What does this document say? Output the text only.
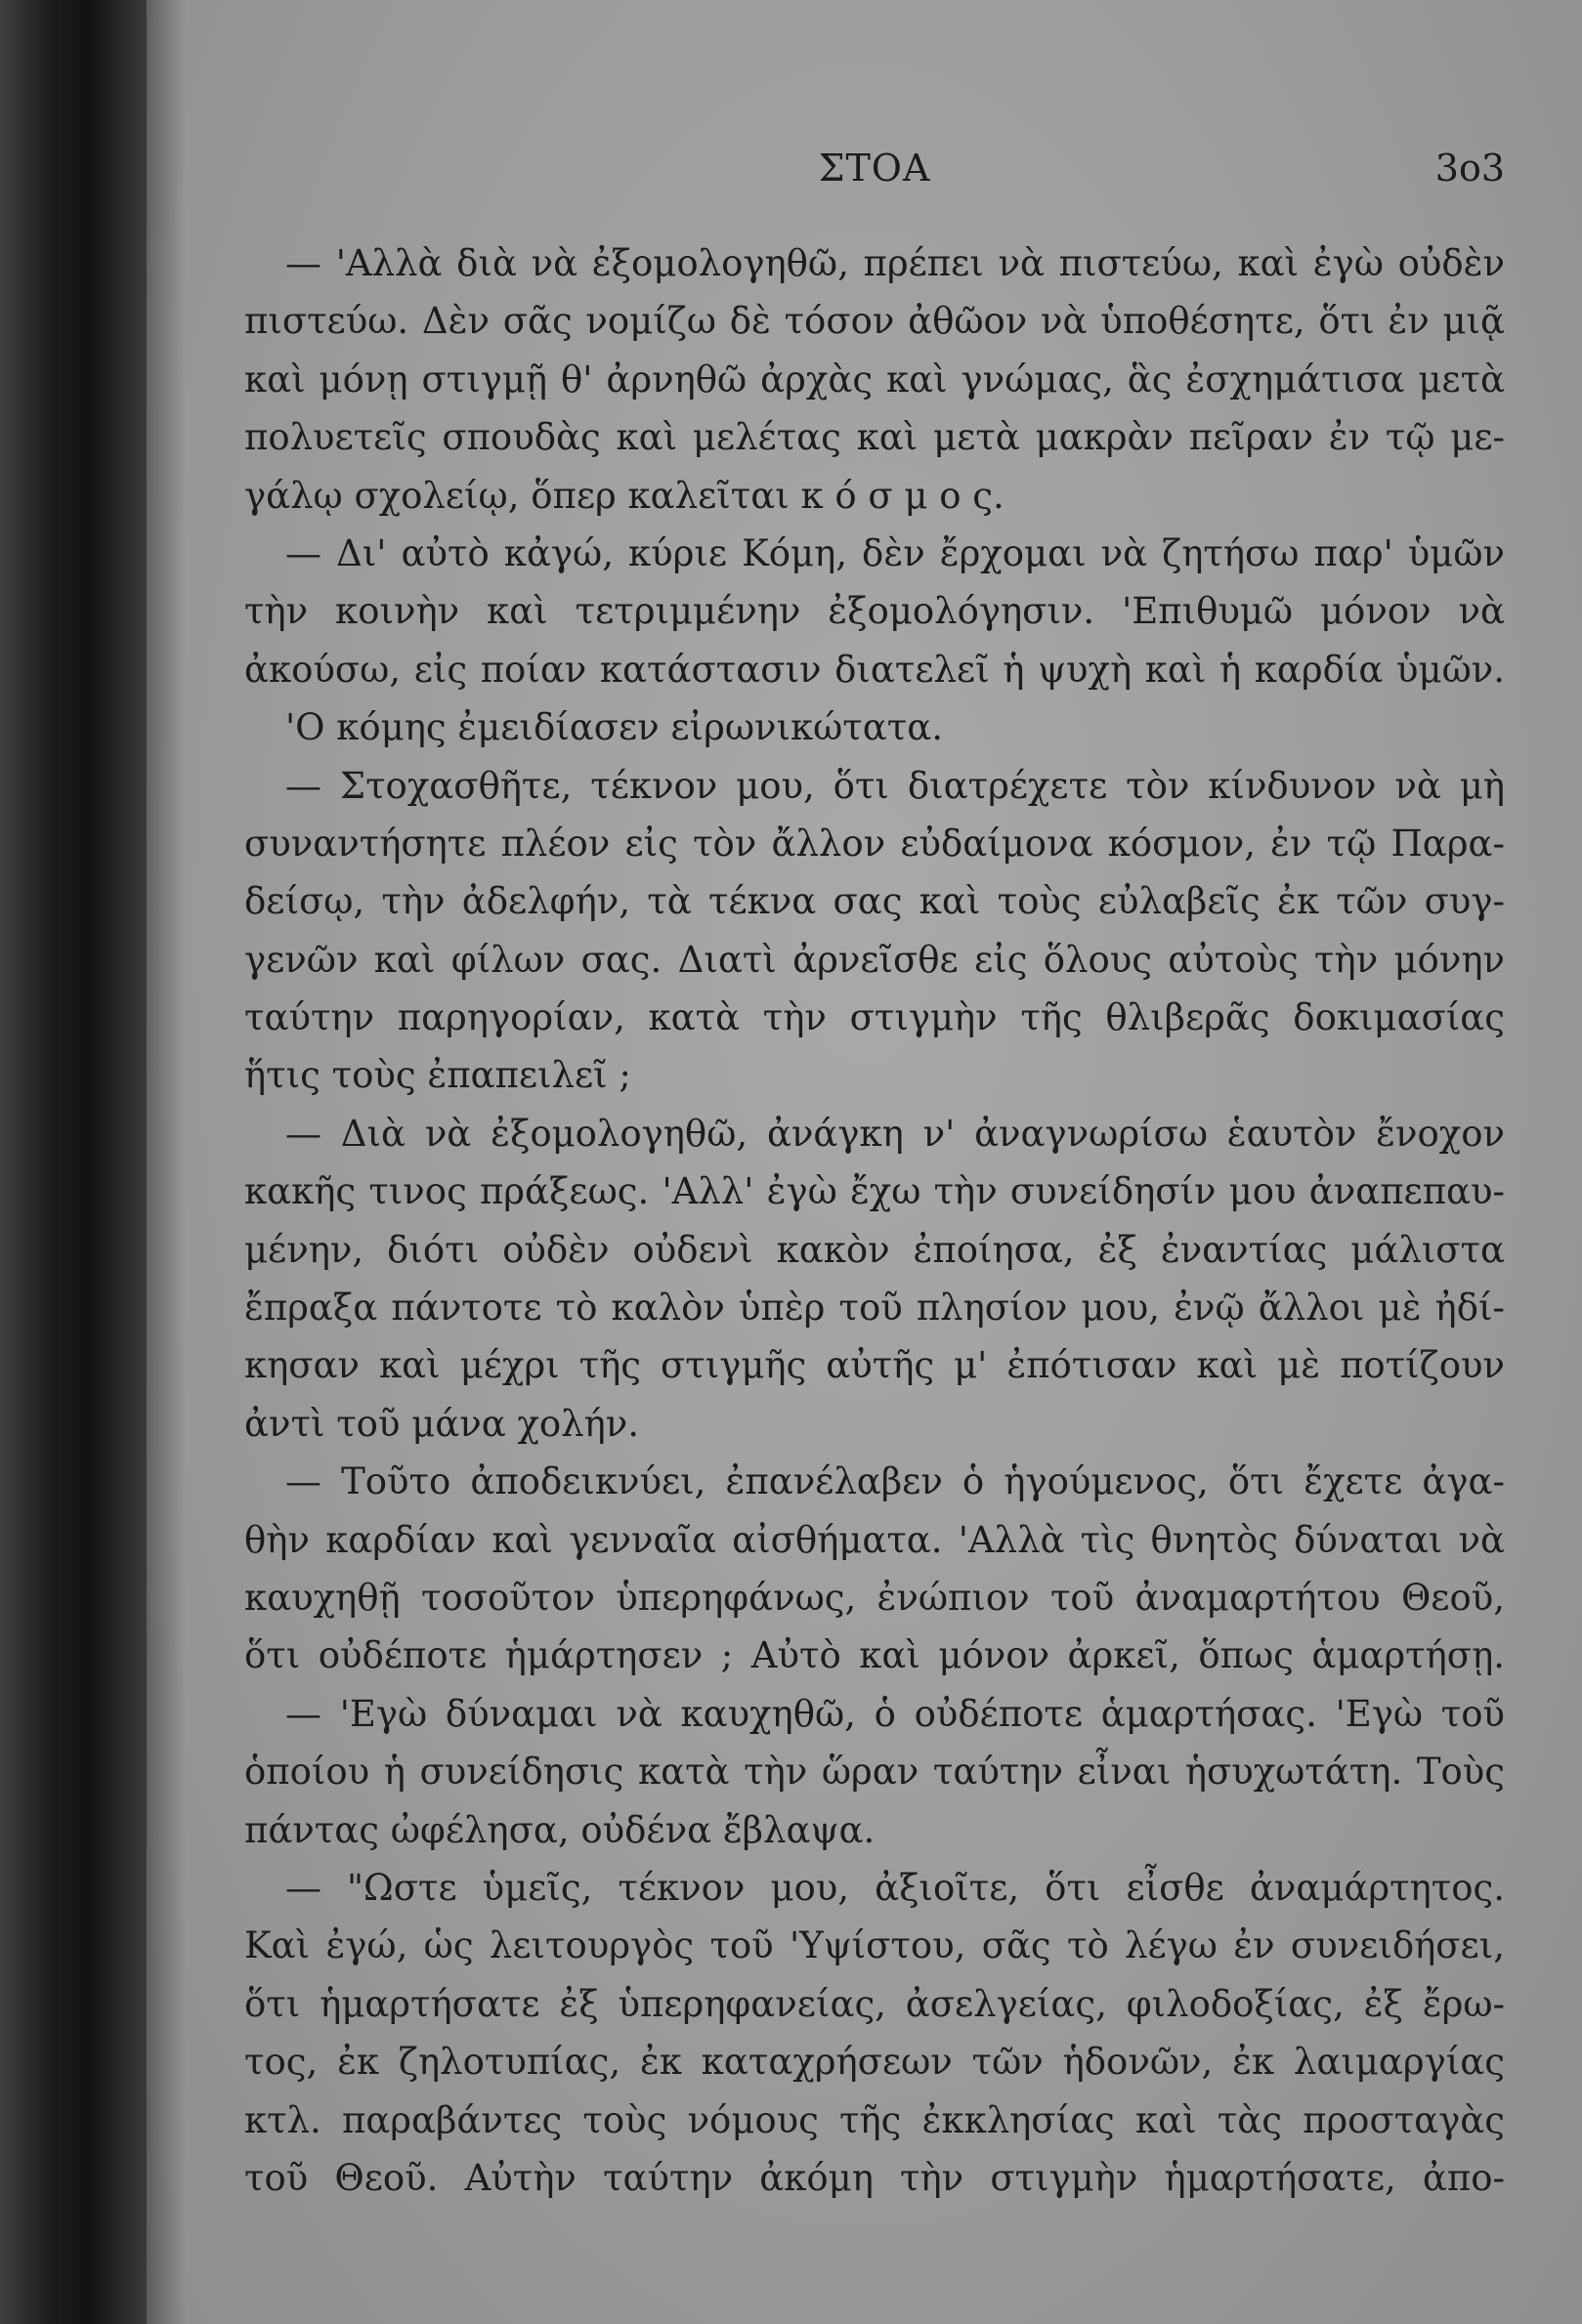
ΣΤΟΑ	3ο3
— 'Αλλὰ διὰ νὰ ἐξομολογηθῶ, πρέπει νὰ πιστεύω, καὶ ἐγὼ οὐδὲν
πιστεύω. Δὲν σᾶς νομίζω δὲ τόσον ἀθῶον νὰ ὑποθέσητε, ὅτι ἐν μιᾷ
καὶ μόνῃ στιγμῇ θ' ἀρνηθῶ ἀρχὰς καὶ γνώμας, ἃς ἐσχημάτισα μετὰ
πολυετεῖς σπουδὰς καὶ μελέτας καὶ μετὰ μακρὰν πεῖραν ἐν τῷ με-
γάλῳ σχολείῳ, ὅπερ καλεῖται κ ό σ μ ο ς.
— Δι' αὐτὸ κἀγώ, κύριε Κόμη, δὲν ἔρχομαι νὰ ζητήσω παρ' ὑμῶν
τὴν κοινὴν καὶ τετριμμένην ἐξομολόγησιν. 'Επιθυμῶ μόνον νὰ
ἀκούσω, εἰς ποίαν κατάστασιν διατελεῖ ἡ ψυχὴ καὶ ἡ καρδία ὑμῶν.
'Ο κόμης ἐμειδίασεν εἰρωνικώτατα.
— Στοχασθῆτε, τέκνον μου, ὅτι διατρέχετε τὸν κίνδυνον νὰ μὴ
συναντήσητε πλέον εἰς τὸν ἄλλον εὐδαίμονα κόσμον, ἐν τῷ Παρα-
δείσῳ, τὴν ἀδελφήν, τὰ τέκνα σας καὶ τοὺς εὐλαβεῖς ἐκ τῶν συγ-
γενῶν καὶ φίλων σας. Διατὶ ἀρνεῖσθε εἰς ὅλους αὐτοὺς τὴν μόνην
ταύτην παρηγορίαν, κατὰ τὴν στιγμὴν τῆς θλιβερᾶς δοκιμασίας
ἥτις τοὺς ἐπαπειλεῖ ;
— Διὰ νὰ ἐξομολογηθῶ, ἀνάγκη ν' ἀναγνωρίσω ἑαυτὸν ἔνοχον
κακῆς τινος πράξεως. 'Αλλ' ἐγὼ ἔχω τὴν συνείδησίν μου ἀναπεπαυ-
μένην, διότι οὐδὲν οὐδενὶ κακὸν ἐποίησα, ἐξ ἐναντίας μάλιστα
ἔπραξα πάντοτε τὸ καλὸν ὑπὲρ τοῦ πλησίον μου, ἐνῷ ἄλλοι μὲ ἠδί-
κησαν καὶ μέχρι τῆς στιγμῆς αὐτῆς μ' ἐπότισαν καὶ μὲ ποτίζουν
ἀντὶ τοῦ μάνα χολήν.
— Τοῦτο ἀποδεικνύει, ἐπανέλαβεν ὁ ἡγούμενος, ὅτι ἔχετε ἀγα-
θὴν καρδίαν καὶ γενναῖα αἰσθήματα. 'Αλλὰ τὶς θνητὸς δύναται νὰ
καυχηθῇ τοσοῦτον ὑπερηφάνως, ἐνώπιον τοῦ ἀναμαρτήτου Θεοῦ,
ὅτι οὐδέποτε ἡμάρτησεν ; Αὐτὸ καὶ μόνον ἀρκεῖ, ὅπως ἁμαρτήσῃ.
— 'Εγὼ δύναμαι νὰ καυχηθῶ, ὁ οὐδέποτε ἁμαρτήσας. 'Εγὼ τοῦ
ὁποίου ἡ συνείδησις κατὰ τὴν ὥραν ταύτην εἶναι ἡσυχωτάτη. Τοὺς
πάντας ὠφέλησα, οὐδένα ἔβλαψα.
— "Ωστε ὑμεῖς, τέκνον μου, ἀξιοῖτε, ὅτι εἶσθε ἀναμάρτητος.
Καὶ ἐγώ, ὡς λειτουργὸς τοῦ 'Υψίστου, σᾶς τὸ λέγω ἐν συνειδήσει,
ὅτι ἡμαρτήσατε ἐξ ὑπερηφανείας, ἀσελγείας, φιλοδοξίας, ἐξ ἔρω-
τος, ἐκ ζηλοτυπίας, ἐκ καταχρήσεων τῶν ἡδονῶν, ἐκ λαιμαργίας
κτλ. παραβάντες τοὺς νόμους τῆς ἐκκλησίας καὶ τὰς προσταγὰς
τοῦ Θεοῦ. Αὐτὴν ταύτην ἀκόμη τὴν στιγμὴν ἡμαρτήσατε, ἀπο-
